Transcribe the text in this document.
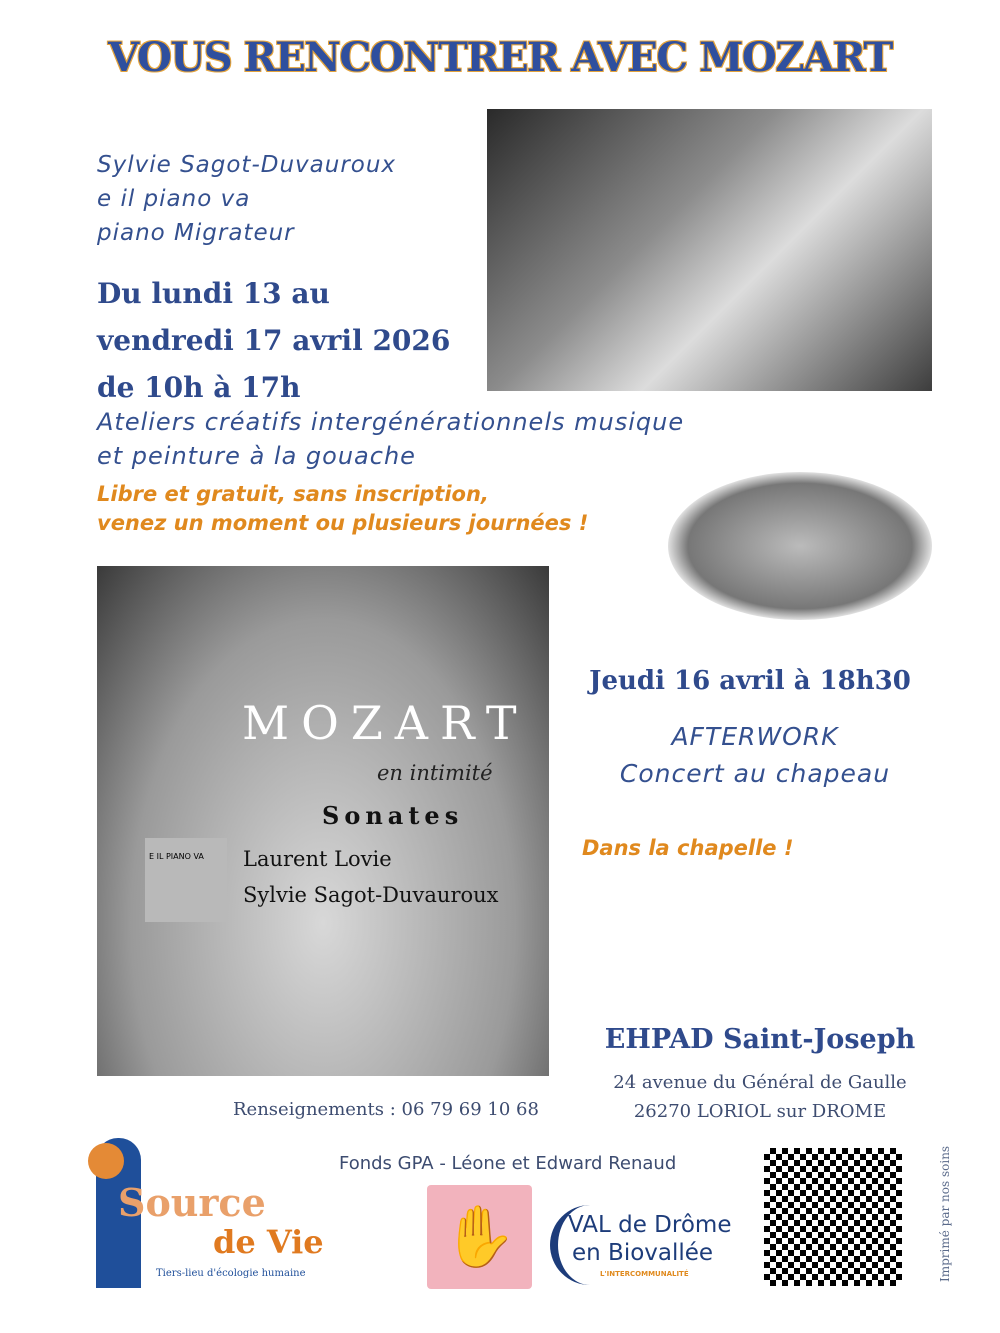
VOUS RENCONTRER AVEC MOZART
Sylvie Sagot-Duvauroux
e il piano va
piano Migrateur
Du lundi 13 au
vendredi 17 avril 2026
de 10h à 17h
Ateliers créatifs intergénérationnels musique
et peinture à la gouache
Libre et gratuit, sans inscription,
venez un moment ou plusieurs journées !
MOZART
en intimité
Sonates
Laurent Lovie
Sylvie Sagot-Duvauroux
E IL PIANO VA
Jeudi 16 avril à 18h30
AFTERWORK
Concert au chapeau
Dans la chapelle !
EHPAD Saint-Joseph
24 avenue du Général de Gaulle
26270 LORIOL sur DROME
Renseignements : 06 79 69 10 68
Fonds GPA - Léone et Edward Renaud
Source
de Vie
Tiers-lieu d'écologie humaine
✋	VAL de Drôme
en Biovallée
L'INTERCOMMUNALITÉ	Imprimé par nos soins
